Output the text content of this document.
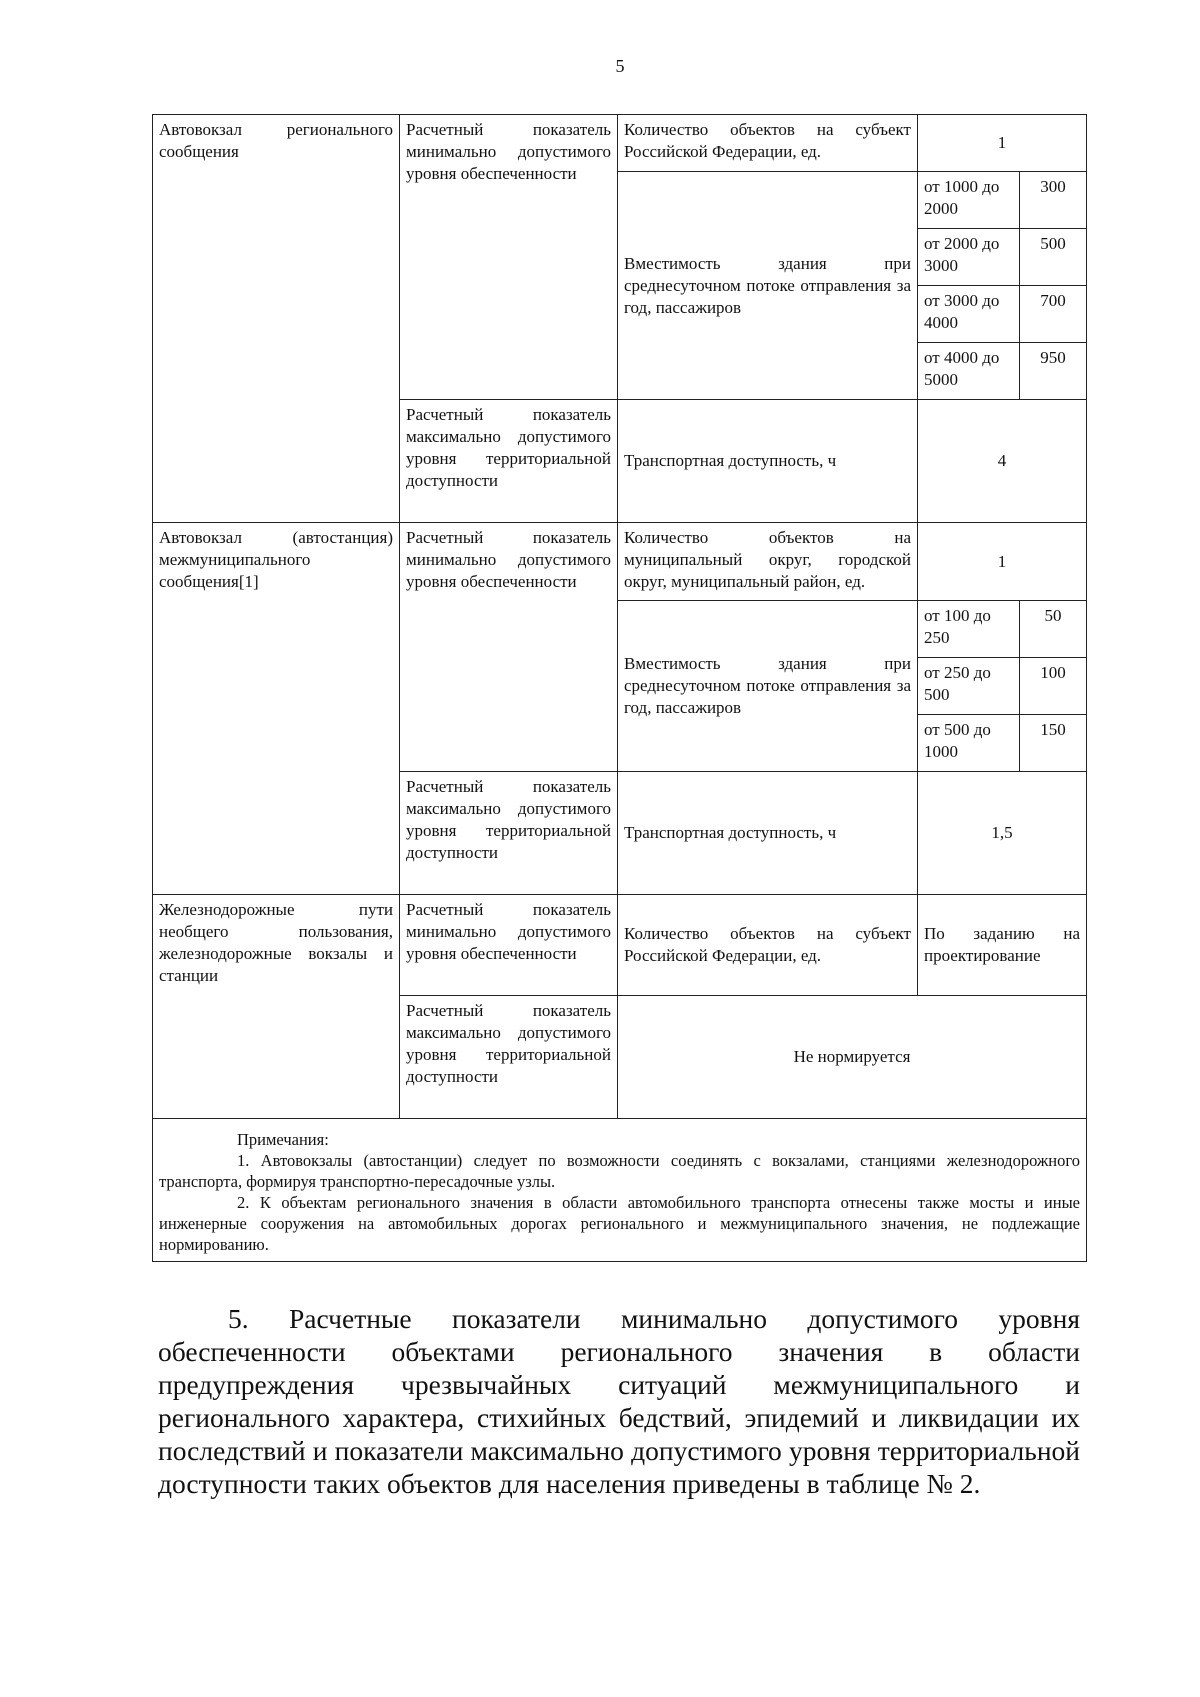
5
Автовокзал регионального сообщения	Расчетный показатель минимально допустимого уровня обеспеченности	Количество объектов на субъект Российской Федерации, ед.	1	
		Вместимость здания при среднесуточном потоке отправления за год, пассажиров	от 1000 до 2000	300
			от 2000 до 3000	500
			от 3000 до 4000	700
			от 4000 до 5000	950
	Расчетный показатель максимально допустимого уровня территориальной доступности	Транспортная доступность, ч	4	
Автовокзал (автостанция) межмуниципального сообщения[1]	Расчетный показатель минимально допустимого уровня обеспеченности	Количество объектов на муниципальный округ, городской округ, муниципальный район, ед.	1	
		Вместимость здания при среднесуточном потоке отправления за год, пассажиров	от 100 до 250	50
			от 250 до 500	100
			от 500 до 1000	150
	Расчетный показатель максимально допустимого уровня территориальной доступности	Транспортная доступность, ч	1,5	
Железнодорожные пути необщего пользования, железнодорожные вокзалы и станции	Расчетный показатель минимально допустимого уровня обеспеченности	Количество объектов на субъект Российской Федерации, ед.	По заданию на проектирование	
	Расчетный показатель максимально допустимого уровня территориальной доступности	Не нормируется		

Примечания:

1. Автовокзалы (автостанции) следует по возможности соединять с вокзалами, станциями железнодорожного транспорта, формируя транспортно-пересадочные узлы.

2. К объектам регионального значения в области автомобильного транспорта отнесены также мосты и иные инженерные сооружения на автомобильных дорогах регионального и межмуниципального значения, не подлежащие нормированию.				

5. Расчетные показатели минимально допустимого уровня обеспеченности объектами регионального значения в области предупреждения чрезвычайных ситуаций межмуниципального и регионального характера, стихийных бедствий, эпидемий и ликвидации их последствий и показатели максимально допустимого уровня территориальной доступности таких объектов для населения приведены в таблице № 2.
